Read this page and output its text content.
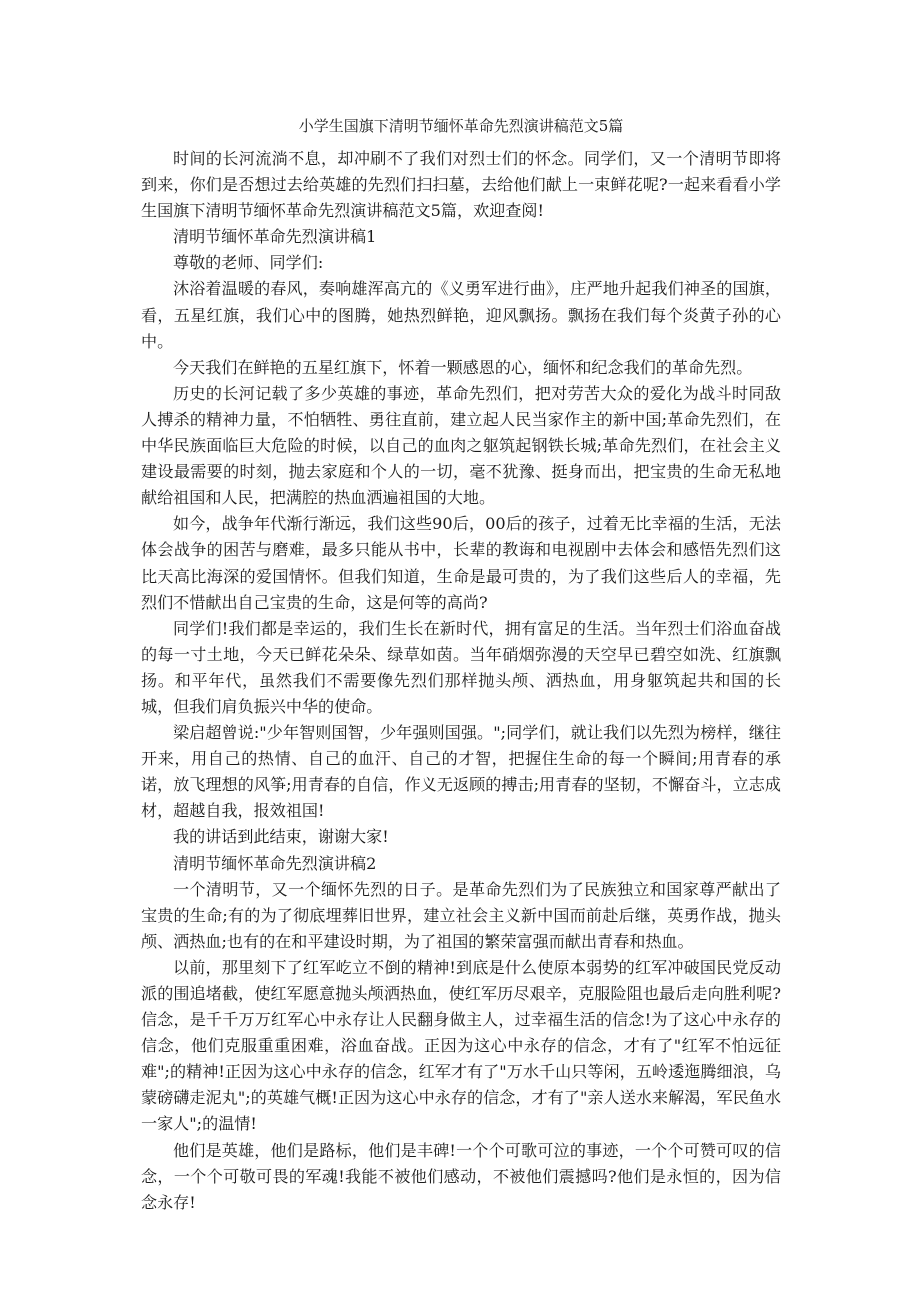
小学生国旗下清明节缅怀革命先烈演讲稿范文5篇

时间的长河流淌不息，却冲刷不了我们对烈士们的怀念。同学们，又一个清明节即将到来，你们是否想过去给英雄的先烈们扫扫墓，去给他们献上一束鲜花呢?一起来看看小学生国旗下清明节缅怀革命先烈演讲稿范文5篇，欢迎查阅!

清明节缅怀革命先烈演讲稿1

尊敬的老师、同学们:

沐浴着温暖的春风，奏响雄浑高亢的《义勇军进行曲》，庄严地升起我们神圣的国旗，看，五星红旗，我们心中的图腾，她热烈鲜艳，迎风飘扬。飘扬在我们每个炎黄子孙的心中。

今天我们在鲜艳的五星红旗下，怀着一颗感恩的心，缅怀和纪念我们的革命先烈。

历史的长河记载了多少英雄的事迹，革命先烈们，把对劳苦大众的爱化为战斗时同敌人搏杀的精神力量，不怕牺牲、勇往直前，建立起人民当家作主的新中国;革命先烈们，在中华民族面临巨大危险的时候，以自己的血肉之躯筑起钢铁长城;革命先烈们，在社会主义建设最需要的时刻，抛去家庭和个人的一切，毫不犹豫、挺身而出，把宝贵的生命无私地献给祖国和人民，把满腔的热血洒遍祖国的大地。

如今，战争年代渐行渐远，我们这些90后，00后的孩子，过着无比幸福的生活，无法体会战争的困苦与磨难，最多只能从书中，长辈的教诲和电视剧中去体会和感悟先烈们这比天高比海深的爱国情怀。但我们知道，生命是最可贵的，为了我们这些后人的幸福，先烈们不惜献出自己宝贵的生命，这是何等的高尚?

同学们!我们都是幸运的，我们生长在新时代，拥有富足的生活。当年烈士们浴血奋战的每一寸土地，今天已鲜花朵朵、绿草如茵。当年硝烟弥漫的天空早已碧空如洗、红旗飘扬。和平年代，虽然我们不需要像先烈们那样抛头颅、洒热血，用身躯筑起共和国的长城，但我们肩负振兴中华的使命。

梁启超曾说:"少年智则国智，少年强则国强。";同学们，就让我们以先烈为榜样，继往开来，用自己的热情、自己的血汗、自己的才智，把握住生命的每一个瞬间;用青春的承诺，放飞理想的风筝;用青春的自信，作义无返顾的搏击;用青春的坚韧，不懈奋斗，立志成材，超越自我，报效祖国!

我的讲话到此结束，谢谢大家!

清明节缅怀革命先烈演讲稿2

一个清明节，又一个缅怀先烈的日子。是革命先烈们为了民族独立和国家尊严献出了宝贵的生命;有的为了彻底埋葬旧世界，建立社会主义新中国而前赴后继，英勇作战，抛头颅、洒热血;也有的在和平建设时期，为了祖国的繁荣富强而献出青春和热血。

以前，那里刻下了红军屹立不倒的精神!到底是什么使原本弱势的红军冲破国民党反动派的围追堵截，使红军愿意抛头颅洒热血，使红军历尽艰辛，克服险阻也最后走向胜利呢?信念，是千千万万红军心中永存让人民翻身做主人，过幸福生活的信念!为了这心中永存的信念，他们克服重重困难，浴血奋战。正因为这心中永存的信念，才有了"红军不怕远征难";的精神!正因为这心中永存的信念，红军才有了"万水千山只等闲，五岭逶迤腾细浪，乌蒙磅礴走泥丸";的英雄气概!正因为这心中永存的信念，才有了"亲人送水来解渴，军民鱼水一家人";的温情!

他们是英雄，他们是路标，他们是丰碑!一个个可歌可泣的事迹，一个个可赞可叹的信念，一个个可敬可畏的军魂!我能不被他们感动，不被他们震撼吗?他们是永恒的，因为信念永存!
